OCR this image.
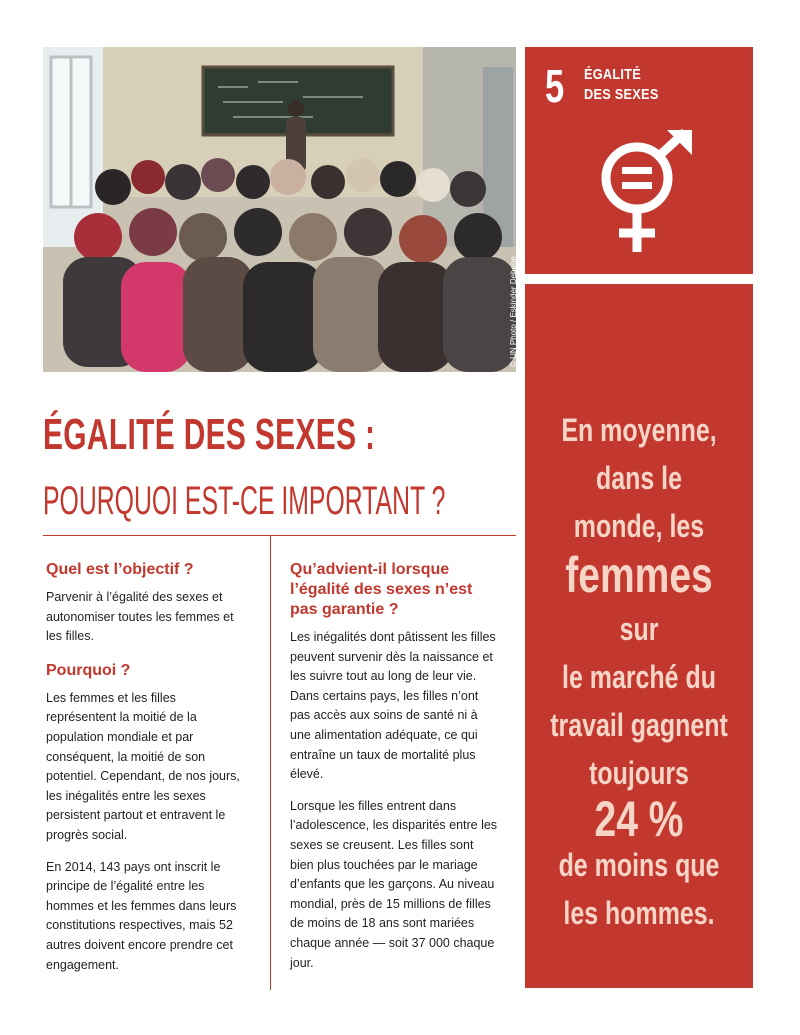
© UN Photo / Eskinder Debebe
5 ÉGALITÉ
DES SEXES
En moyenne,
dans le
monde, les
femmes sur
le marché du
travail gagnent
toujours
24 %
de moins que
les hommes.
ÉGALITÉ DES SEXES :
POURQUOI EST-CE IMPORTANT ?
Quel est l’objectif ?

Parvenir à l’égalité des sexes et autonomiser toutes les femmes et les filles.

Pourquoi ?

Les femmes et les filles représentent la moitié de la population mondiale et par conséquent, la moitié de son potentiel. Cependant, de nos jours, les inégalités entre les sexes persistent partout et entravent le progrès social.

En 2014, 143 pays ont inscrit le principe de l’égalité entre les hommes et les femmes dans leurs constitutions respectives, mais 52 autres doivent encore prendre cet engagement.

Qu’advient-il lorsque l’égalité des sexes n’est pas garantie ?

Les inégalités dont pâtissent les filles peuvent survenir dès la naissance et les suivre tout au long de leur vie. Dans certains pays, les filles n’ont pas accès aux soins de santé ni à une alimentation adéquate, ce qui entraîne un taux de mortalité plus élevé.

Lorsque les filles entrent dans l’adolescence, les disparités entre les sexes se creusent. Les filles sont bien plus touchées par le mariage d’enfants que les garçons. Au niveau mondial, près de 15 millions de filles de moins de 18 ans sont mariées chaque année — soit 37 000 chaque jour.
